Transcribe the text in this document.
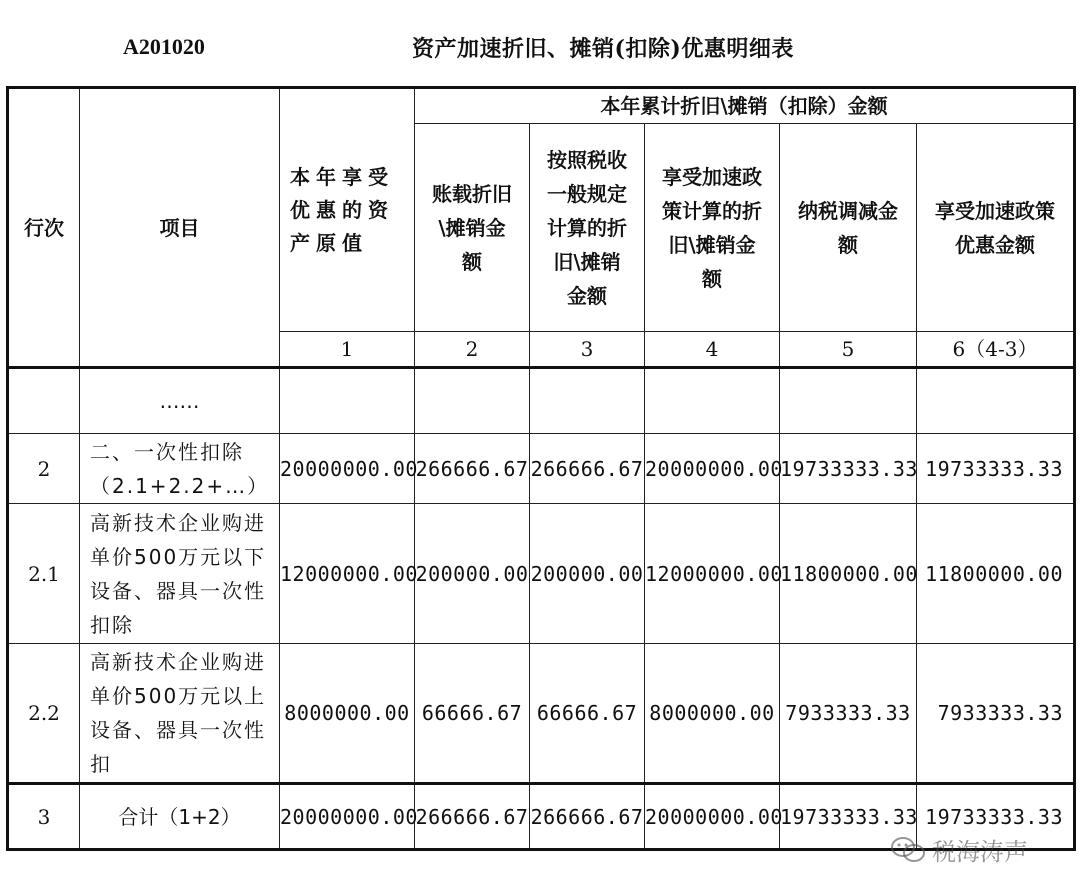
A201020	资产加速折旧、摊销(扣除)优惠明细表
行次	项目	本年享受优惠的资产原值	本年累计折旧\摊销（扣除）金额				
			账载折旧\摊销金额	按照税收一般规定计算的折旧\摊销金额	享受加速政策计算的折旧\摊销金额	纳税调减金额	享受加速政策优惠金额
		1	2	3	4	5	6（4-3）
	……						
2	二、一次性扣除（2.1+2.2+…）	20000000.00	266666.67	266666.67	20000000.00	19733333.33	19733333.33
2.1	高新技术企业购进单价500万元以下设备、器具一次性扣除	12000000.00	200000.00	200000.00	12000000.00	11800000.00	11800000.00
2.2	高新技术企业购进单价500万元以上设备、器具一次性扣	8000000.00	66666.67	66666.67	8000000.00	7933333.33	7933333.33
3	合计（1+2）	20000000.00	266666.67	266666.67	20000000.00	19733333.33	19733333.33
税海涛声
